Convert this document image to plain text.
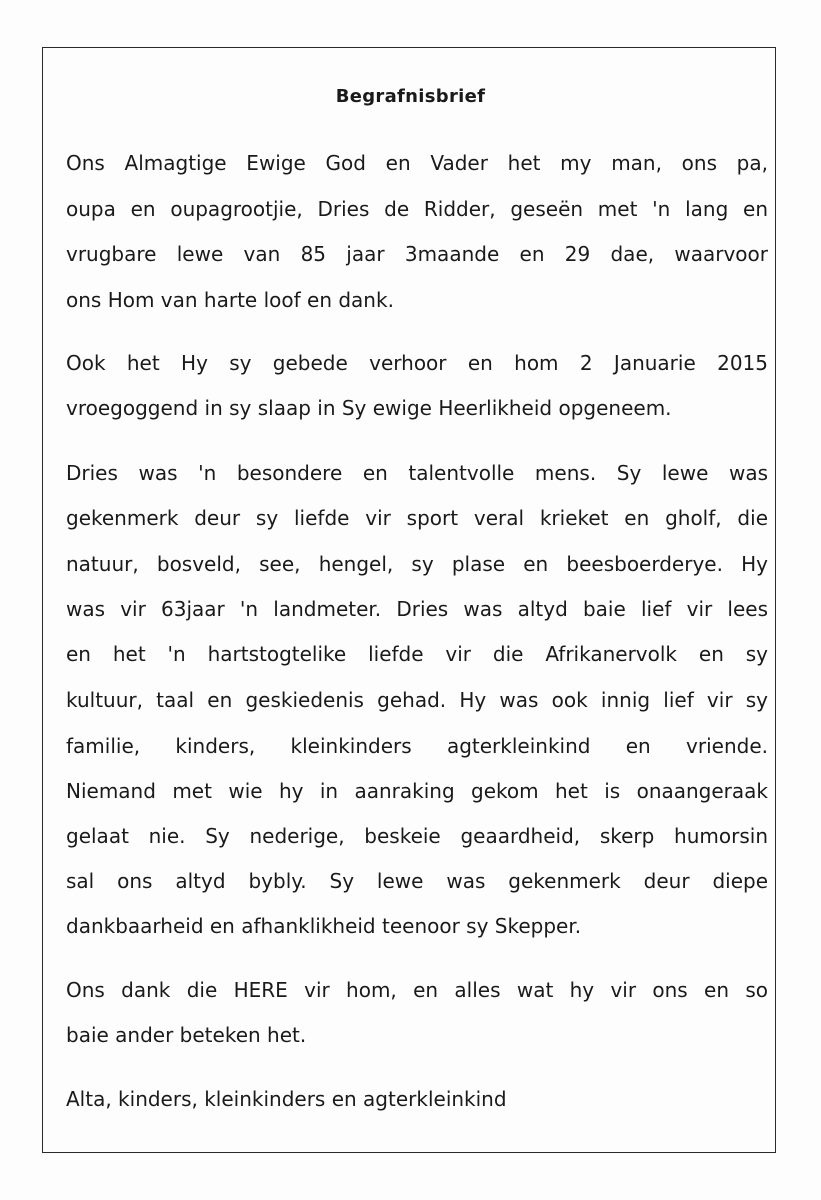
Begrafnisbrief
Ons Almagtige Ewige God en Vader het my man, ons pa,
oupa en oupagrootjie, Dries de Ridder, geseën met 'n lang en
vrugbare lewe van 85 jaar 3maande en 29 dae, waarvoor
ons Hom van harte loof en dank.
Ook het Hy sy gebede verhoor en hom 2 Januarie 2015
vroegoggend in sy slaap in Sy ewige Heerlikheid opgeneem.
Dries was 'n besondere en talentvolle mens. Sy lewe was
gekenmerk deur sy liefde vir sport veral krieket en gholf, die
natuur, bosveld, see, hengel, sy plase en beesboerderye. Hy
was vir 63jaar 'n landmeter. Dries was altyd baie lief vir lees
en het 'n hartstogtelike liefde vir die Afrikanervolk en sy
kultuur, taal en geskiedenis gehad. Hy was ook innig lief vir sy
familie, kinders, kleinkinders agterkleinkind en vriende.
Niemand met wie hy in aanraking gekom het is onaangeraak
gelaat nie. Sy nederige, beskeie geaardheid, skerp humorsin
sal ons altyd bybly. Sy lewe was gekenmerk deur diepe
dankbaarheid en afhanklikheid teenoor sy Skepper.
Ons dank die HERE vir hom, en alles wat hy vir ons en so
baie ander beteken het.
Alta, kinders, kleinkinders en agterkleinkind
